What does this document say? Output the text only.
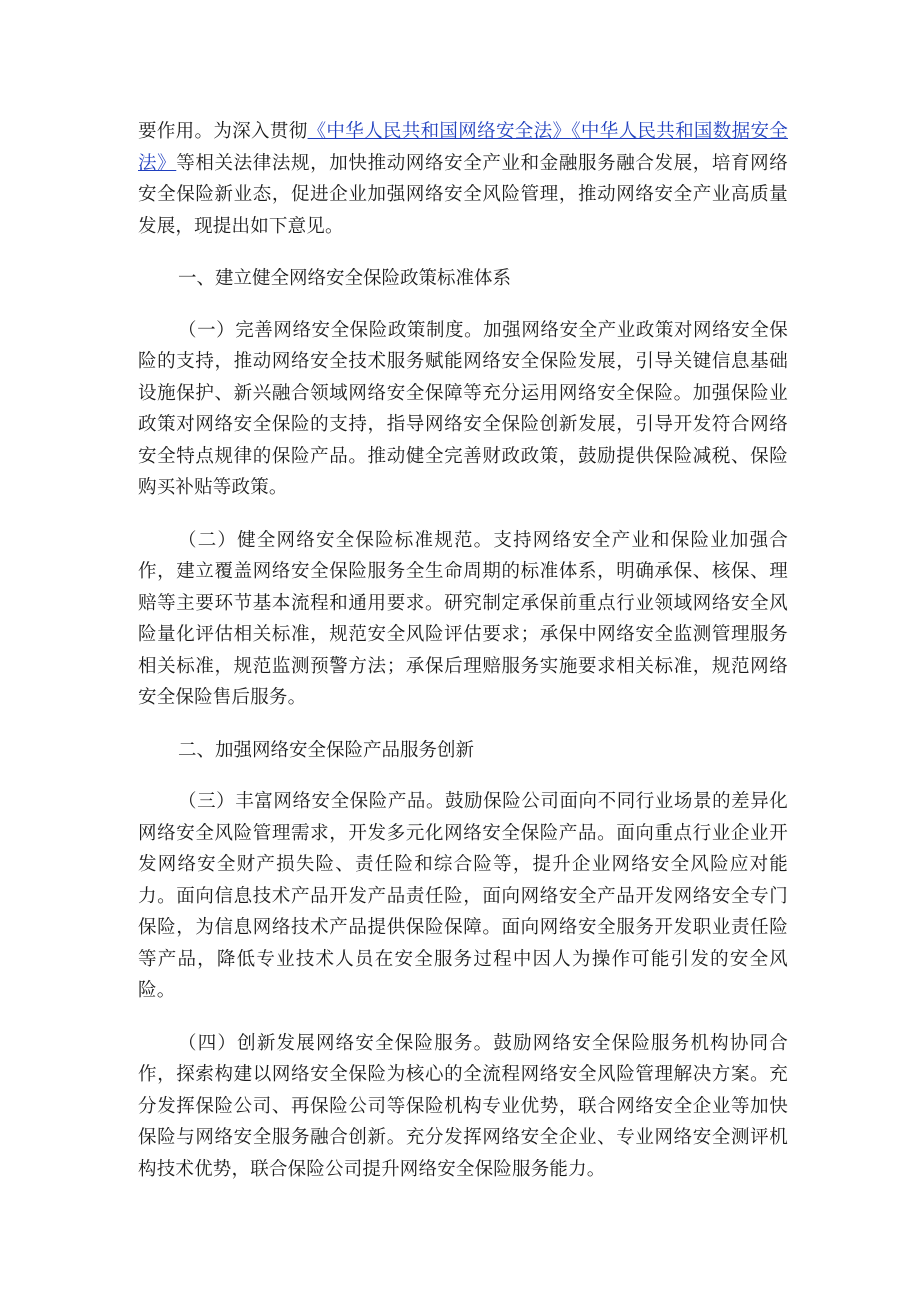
要作用。为深入贯彻《中华人民共和国网络安全法》《中华人民共和国数据安全法》等相关法律法规，加快推动网络安全产业和金融服务融合发展，培育网络安全保险新业态，促进企业加强网络安全风险管理，推动网络安全产业高质量发展，现提出如下意见。

一、建立健全网络安全保险政策标准体系

（一）完善网络安全保险政策制度。加强网络安全产业政策对网络安全保险的支持，推动网络安全技术服务赋能网络安全保险发展，引导关键信息基础设施保护、新兴融合领域网络安全保障等充分运用网络安全保险。加强保险业政策对网络安全保险的支持，指导网络安全保险创新发展，引导开发符合网络安全特点规律的保险产品。推动健全完善财政政策，鼓励提供保险减税、保险购买补贴等政策。

（二）健全网络安全保险标准规范。支持网络安全产业和保险业加强合作，建立覆盖网络安全保险服务全生命周期的标准体系，明确承保、核保、理赔等主要环节基本流程和通用要求。研究制定承保前重点行业领域网络安全风险量化评估相关标准，规范安全风险评估要求；承保中网络安全监测管理服务相关标准，规范监测预警方法；承保后理赔服务实施要求相关标准，规范网络安全保险售后服务。

二、加强网络安全保险产品服务创新

（三）丰富网络安全保险产品。鼓励保险公司面向不同行业场景的差异化网络安全风险管理需求，开发多元化网络安全保险产品。面向重点行业企业开发网络安全财产损失险、责任险和综合险等，提升企业网络安全风险应对能力。面向信息技术产品开发产品责任险，面向网络安全产品开发网络安全专门保险，为信息网络技术产品提供保险保障。面向网络安全服务开发职业责任险等产品，降低专业技术人员在安全服务过程中因人为操作可能引发的安全风险。

（四）创新发展网络安全保险服务。鼓励网络安全保险服务机构协同合作，探索构建以网络安全保险为核心的全流程网络安全风险管理解决方案。充分发挥保险公司、再保险公司等保险机构专业优势，联合网络安全企业等加快保险与网络安全服务融合创新。充分发挥网络安全企业、专业网络安全测评机构技术优势，联合保险公司提升网络安全保险服务能力。
